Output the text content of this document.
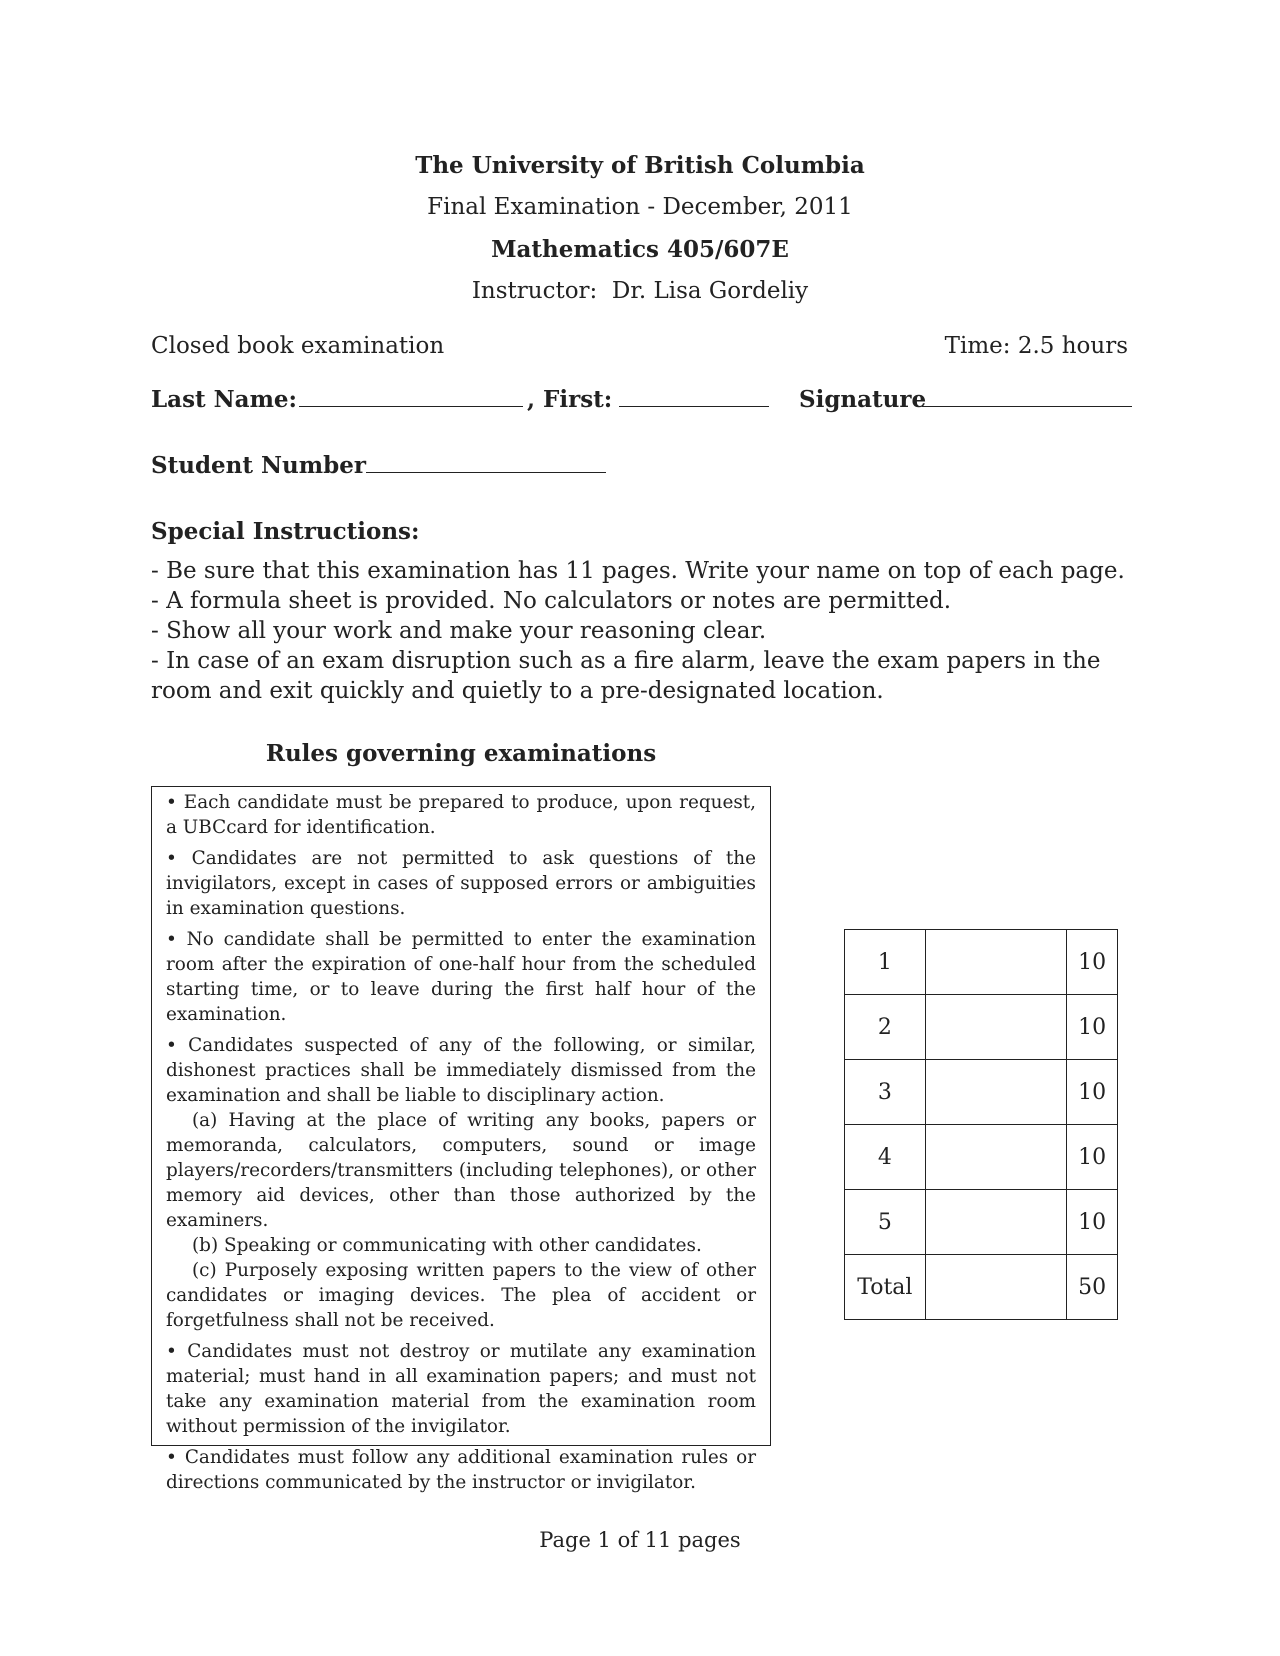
The University of British Columbia
Final Examination - December, 2011
Mathematics 405/607E
Instructor:  Dr. Lisa Gordeliy
Closed book examination	Time: 2.5 hours
Last Name:	, First:	Signature
Student Number
Special Instructions:
- Be sure that this examination has 11 pages. Write your name on top of each page.
- A formula sheet is provided. No calculators or notes are permitted.
- Show all your work and make your reasoning clear.
- In case of an exam disruption such as a fire alarm, leave the exam papers in the room and exit quickly and quietly to a pre-designated location.
Rules governing examinations
• Each candidate must be prepared to produce, upon request, a UBCcard for identification.
• Candidates are not permitted to ask questions of the invigilators, except in cases of supposed errors or ambiguities in examination questions.
• No candidate shall be permitted to enter the examination room after the expiration of one-half hour from the scheduled starting time, or to leave during the first half hour of the examination.
• Candidates suspected of any of the following, or similar, dishonest practices shall be immediately dismissed from the examination and shall be liable to disciplinary action.
(a) Having at the place of writing any books, papers or memoranda, calculators, computers, sound or image players/recorders/transmitters (including telephones), or other memory aid devices, other than those authorized by the examiners.
(b) Speaking or communicating with other candidates.
(c) Purposely exposing written papers to the view of other candidates or imaging devices. The plea of accident or forgetfulness shall not be received.
• Candidates must not destroy or mutilate any examination material; must hand in all examination papers; and must not take any examination material from the examination room without permission of the invigilator.
• Candidates must follow any additional examination rules or directions communicated by the instructor or invigilator.
1		10
2		10
3		10
4		10
5		10
Total		50
Page 1 of 11 pages
